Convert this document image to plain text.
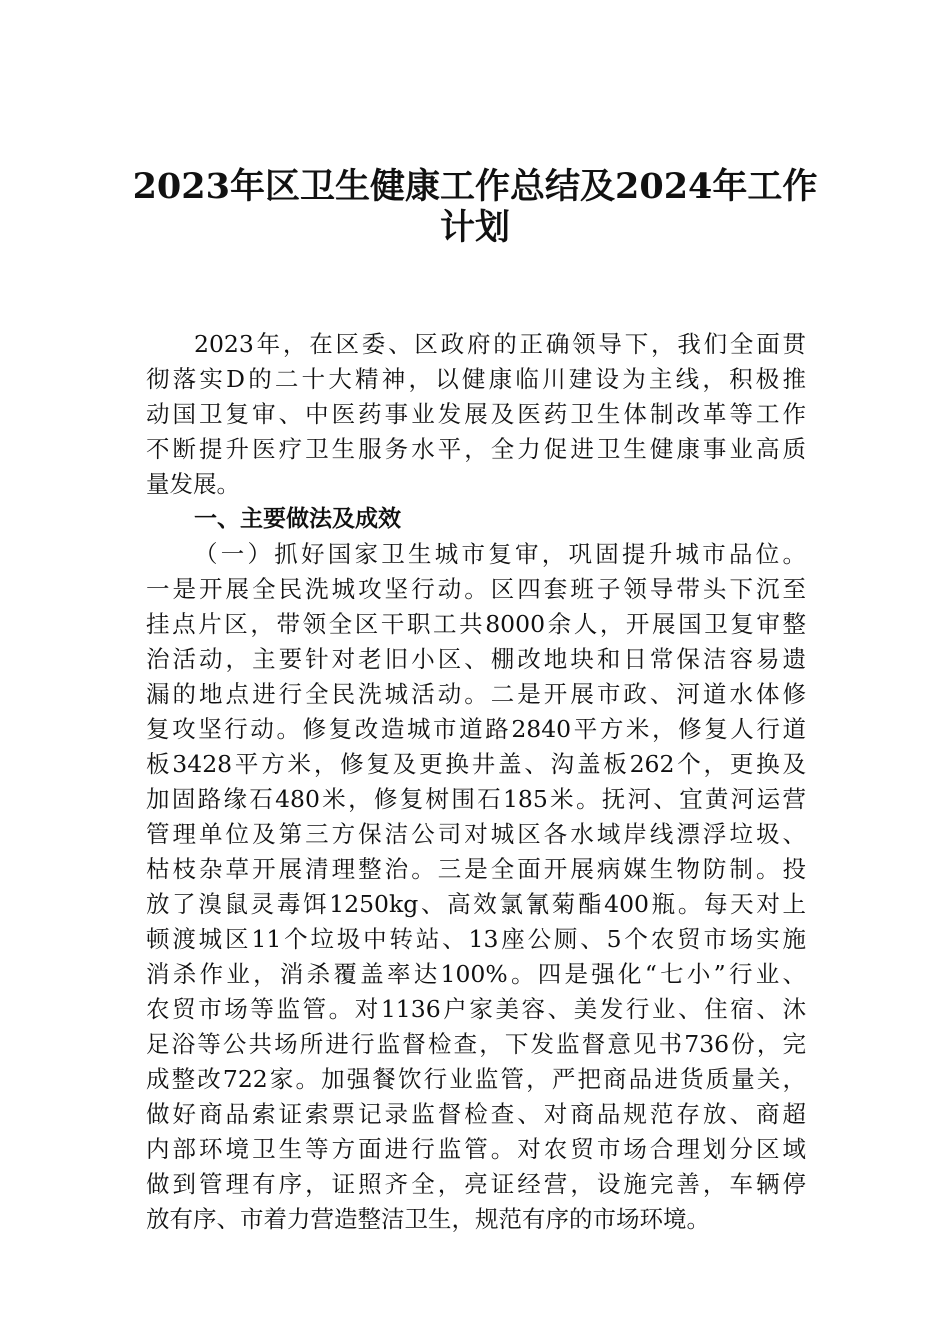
2023年区卫生健康工作总结及2024年工作
计划
2023年，在区委、区政府的正确领导下，我们全面贯
彻落实D的二十大精神，以健康临川建设为主线，积极推
动国卫复审、中医药事业发展及医药卫生体制改革等工作
不断提升医疗卫生服务水平，全力促进卫生健康事业高质
量发展。
一、主要做法及成效
（一）抓好国家卫生城市复审，巩固提升城市品位。
一是开展全民洗城攻坚行动。区四套班子领导带头下沉至
挂点片区，带领全区干职工共8000余人，开展国卫复审整
治活动，主要针对老旧小区、棚改地块和日常保洁容易遗
漏的地点进行全民洗城活动。二是开展市政、河道水体修
复攻坚行动。修复改造城市道路2840平方米，修复人行道
板3428平方米，修复及更换井盖、沟盖板262个，更换及
加固路缘石480米，修复树围石185米。抚河、宜黄河运营
管理单位及第三方保洁公司对城区各水域岸线漂浮垃圾、
枯枝杂草开展清理整治。三是全面开展病媒生物防制。投
放了溴鼠灵毒饵1250kg、高效氯氰菊酯400瓶。每天对上
顿渡城区11个垃圾中转站、13座公厕、5个农贸市场实施
消杀作业，消杀覆盖率达100%。四是强化“七小”行业、
农贸市场等监管。对1136户家美容、美发行业、住宿、沐
足浴等公共场所进行监督检查，下发监督意见书736份，完
成整改722家。加强餐饮行业监管，严把商品进货质量关，
做好商品索证索票记录监督检查、对商品规范存放、商超
内部环境卫生等方面进行监管。对农贸市场合理划分区域
做到管理有序，证照齐全，亮证经营，设施完善，车辆停
放有序、市着力营造整洁卫生，规范有序的市场环境。
